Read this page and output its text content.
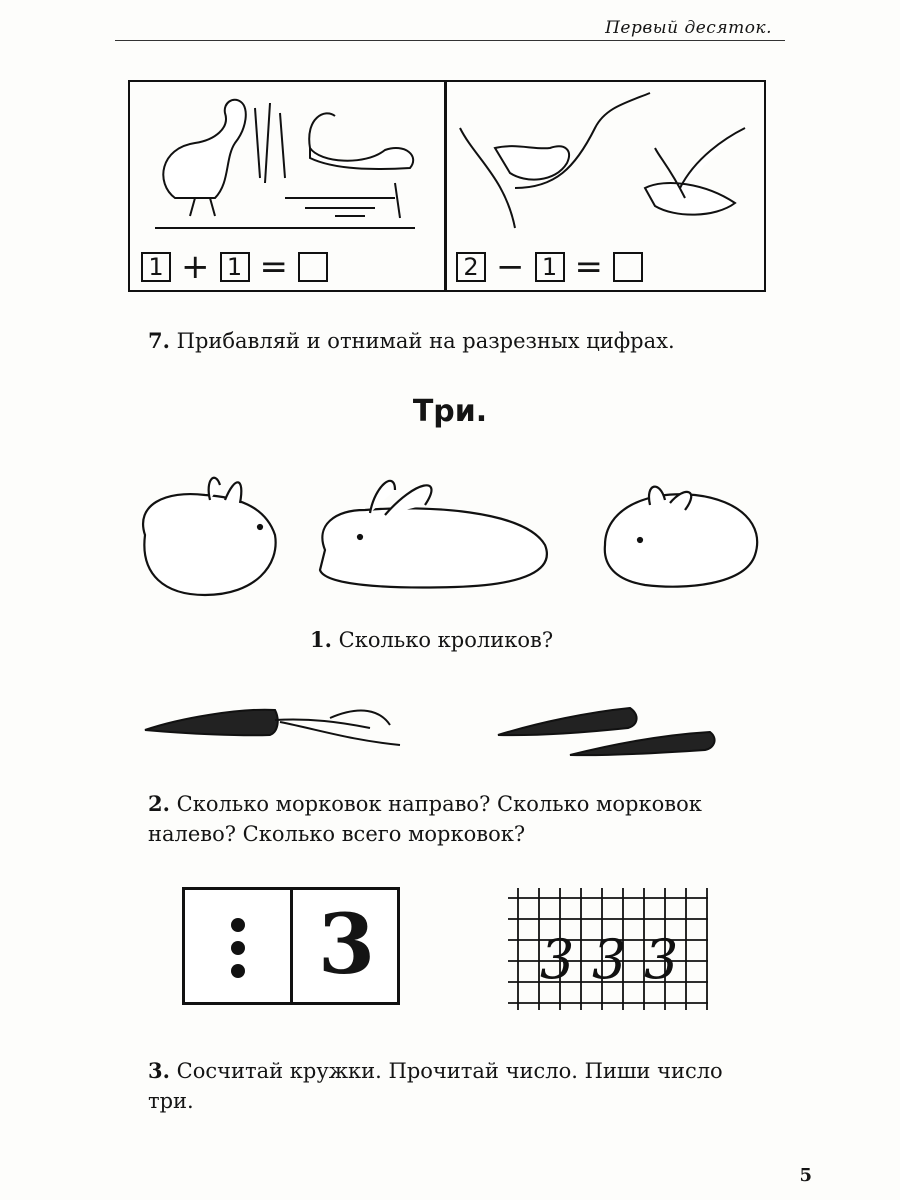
Первый десяток.
1 + 1 =	2 − 1 =
7. Прибавляй и отнимай на разрезных цифрах.
Три.
1. Сколько кроликов?
2. Сколько морковок направо? Сколько морковок
налево? Сколько всего морковок?
3	3 3 3
3. Сосчитай кружки. Прочитай число. Пиши число
три.
5
